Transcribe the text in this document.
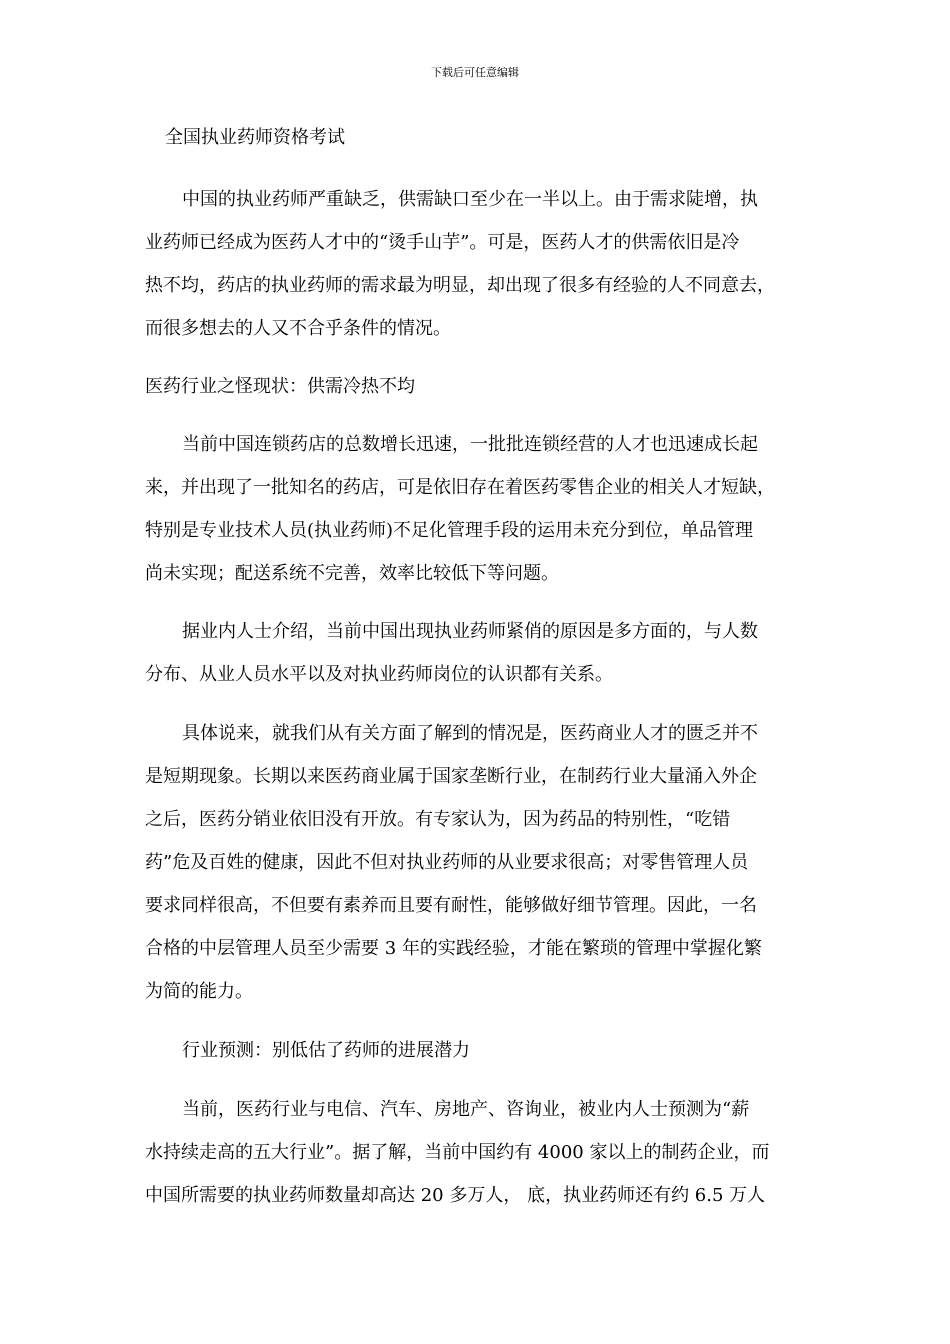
下载后可任意编辑
全国执业药师资格考试
中国的执业药师严重缺乏，供需缺口至少在一半以上。由于需求陡增，执
业药师已经成为医药人才中的“烫手山芋”。可是，医药人才的供需依旧是冷
热不均，药店的执业药师的需求最为明显，却出现了很多有经验的人不同意去，
而很多想去的人又不合乎条件的情况。
医药行业之怪现状：供需冷热不均
当前中国连锁药店的总数增长迅速，一批批连锁经营的人才也迅速成长起
来，并出现了一批知名的药店，可是依旧存在着医药零售企业的相关人才短缺，
特别是专业技术人员(执业药师)不足化管理手段的运用未充分到位，单品管理
尚未实现；配送系统不完善，效率比较低下等问题。
据业内人士介绍，当前中国出现执业药师紧俏的原因是多方面的，与人数
分布、从业人员水平以及对执业药师岗位的认识都有关系。
具体说来，就我们从有关方面了解到的情况是，医药商业人才的匮乏并不
是短期现象。长期以来医药商业属于国家垄断行业，在制药行业大量涌入外企
之后，医药分销业依旧没有开放。有专家认为，因为药品的特别性，“吃错
药”危及百姓的健康，因此不但对执业药师的从业要求很高；对零售管理人员
要求同样很高，不但要有素养而且要有耐性，能够做好细节管理。因此，一名
合格的中层管理人员至少需要 3 年的实践经验，才能在繁琐的管理中掌握化繁
为简的能力。
行业预测：别低估了药师的进展潜力
当前，医药行业与电信、汽车、房地产、咨询业，被业内人士预测为“薪
水持续走高的五大行业”。据了解，当前中国约有 4000 家以上的制药企业，而
中国所需要的执业药师数量却高达 20 多万人， 底，执业药师还有约 6.5 万人
